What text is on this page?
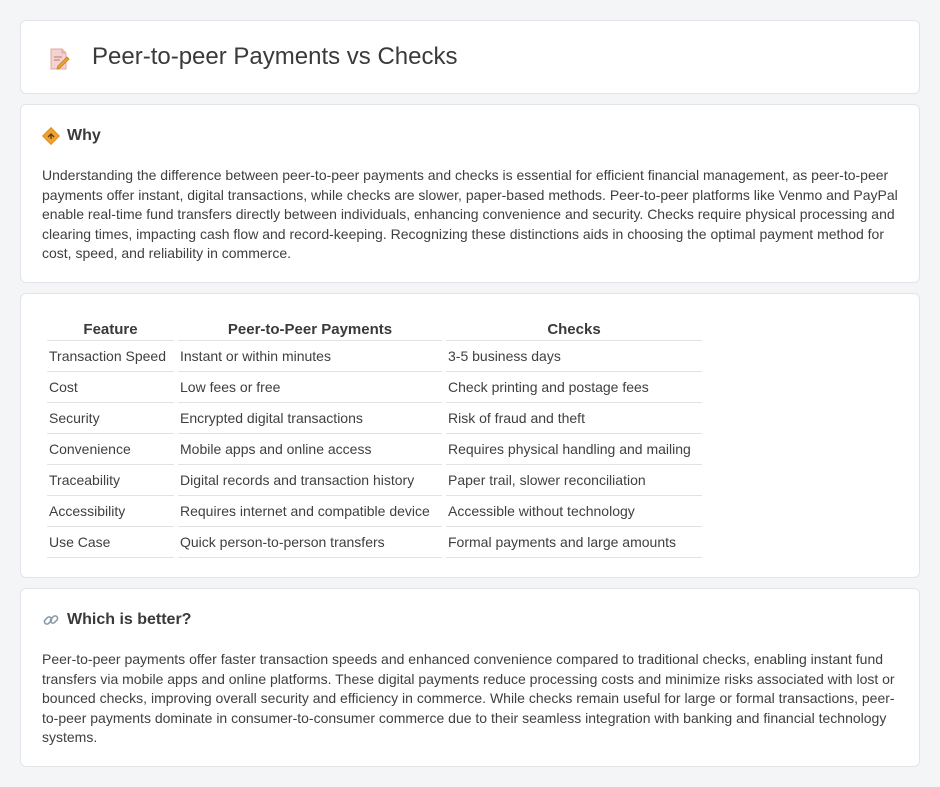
Peer-to-peer Payments vs Checks
Why

Understanding the difference between peer-to-peer payments and checks is essential for efficient financial management, as peer-to-peer payments offer instant, digital transactions, while checks are slower, paper-based methods. Peer-to-peer platforms like Venmo and PayPal enable real-time fund transfers directly between individuals, enhancing convenience and security. Checks require physical processing and clearing times, impacting cash flow and record-keeping. Recognizing these distinctions aids in choosing the optimal payment method for cost, speed, and reliability in commerce.

Feature	Peer-to-Peer Payments	Checks
Transaction Speed	Instant or within minutes	3-5 business days
Cost	Low fees or free	Check printing and postage fees
Security	Encrypted digital transactions	Risk of fraud and theft
Convenience	Mobile apps and online access	Requires physical handling and mailing
Traceability	Digital records and transaction history	Paper trail, slower reconciliation
Accessibility	Requires internet and compatible device	Accessible without technology
Use Case	Quick person-to-person transfers	Formal payments and large amounts
Which is better?

Peer-to-peer payments offer faster transaction speeds and enhanced convenience compared to traditional checks, enabling instant fund transfers via mobile apps and online platforms. These digital payments reduce processing costs and minimize risks associated with lost or bounced checks, improving overall security and efficiency in commerce. While checks remain useful for large or formal transactions, peer-to-peer payments dominate in consumer-to-consumer commerce due to their seamless integration with banking and financial technology systems.
